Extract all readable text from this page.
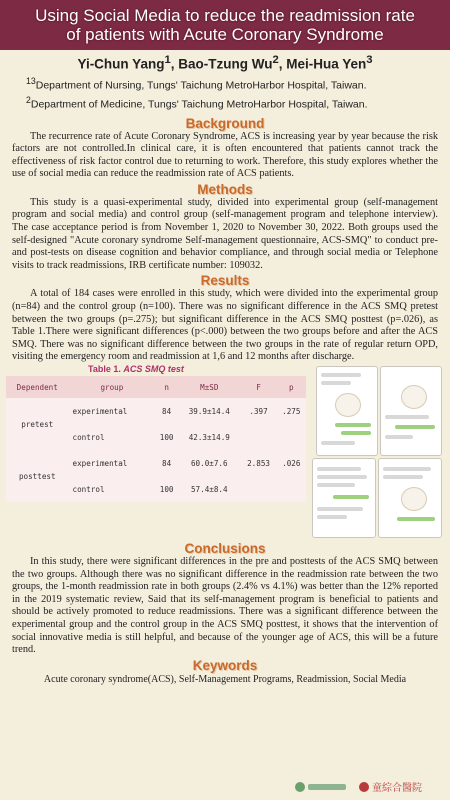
Using Social Media to reduce the readmission rate
of patients with Acute Coronary Syndrome
Yi-Chun Yang$^1$, Bao-Tzung Wu$^2$, Mei-Hua Yen$^3$
$^{13}$Department of Nursing, Tungs' Taichung MetroHarbor Hospital, Taiwan.
$^2$Department of Medicine, Tungs' Taichung MetroHarbor Hospital, Taiwan.
Background

The recurrence rate of Acute Coronary Syndrome, ACS is increasing year by year because the risk factors are not controlled.In clinical care, it is often encountered that patients cannot track the effectiveness of risk factor control due to returning to work. Therefore, this study explores whether the use of social media can reduce the readmission rate of ACS patients.

Methods

This study is a quasi-experimental study, divided into experimental group (self-management program and social media) and control group (self-management program and telephone interview). The case acceptance period is from November 1, 2020 to November 30, 2022. Both groups used the self-designed "Acute coronary syndrome Self-management questionnaire, ACS-SMQ" to conduct pre- and post-tests on disease cognition and behavior compliance, and through social media or Telephone visits to track readmissions, IRB certificate number: 109032.

Results

A total of 184 cases were enrolled in this study, which were divided into the experimental group (n=84) and the control group (n=100). There was no significant difference in the ACS SMQ pretest between the two groups (p=.275); but significant difference in the ACS SMQ posttest (p=.026), as Table 1.There were significant differences (p<.000) between the two groups before and after the ACS SMQ. There was no significant difference between the two groups in the rate of regular return OPD, visiting the emergency room and readmission at 1,6 and 12 months after discharge.

Table 1. ACS SMQ test
Dependent	group	n	M±SD	F	p
pretest	experimental	84	39.9±14.4	.397	.275
	control	100	42.3±14.9		
posttest	experimental	84	60.0±7.6	2.853	.026
	control	100	57.4±8.4		
Conclusions

In this study, there were significant differences in the pre and posttests of the ACS SMQ between the two groups. Although there was no significant difference in the readmission rate between the two groups, the 1-month readmission rate in both groups (2.4% vs 4.1%) was better than the 12% reported in the 2019 systematic review, Said that its self-management program is beneficial to patients and should be actively promoted to reduce readmissions. There was a significant difference between the experimental group and the control group in the ACS SMQ posttest, it shows that the intervention of social innovative media is still helpful, and because of the younger age of ACS, this will be a future trend.

Keywords
Acute coronary syndrome(ACS), Self-Management Programs, Readmission, Social Media
童綜合醫院
